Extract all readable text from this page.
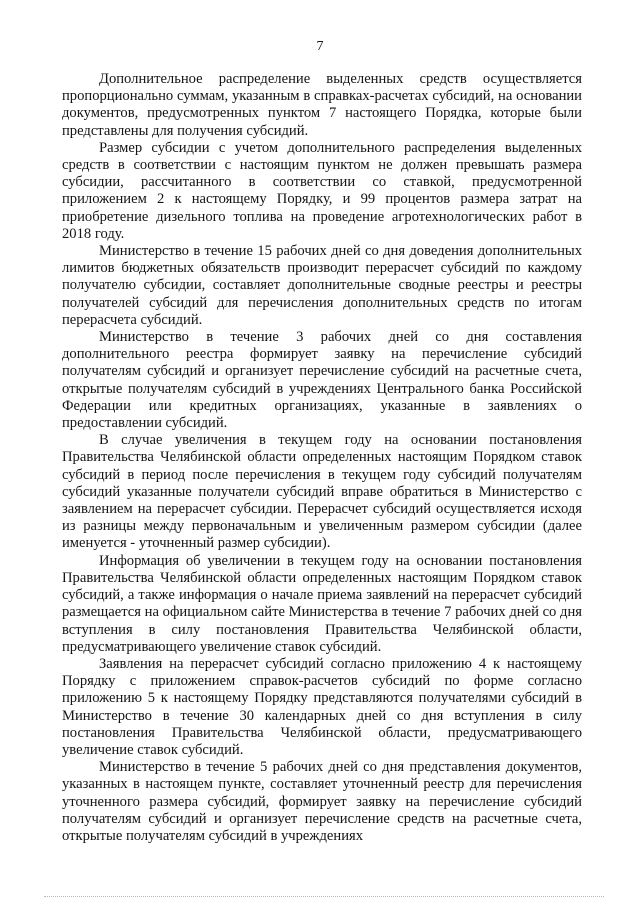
7

Дополнительное распределение выделенных средств осуществляется пропорционально суммам, указанным в справках-расчетах субсидий, на основании документов, предусмотренных пунктом 7 настоящего Порядка, которые были представлены для получения субсидий.

Размер субсидии с учетом дополнительного распределения выделенных средств в соответствии с настоящим пунктом не должен превышать размера субсидии, рассчитанного в соответствии со ставкой, предусмотренной приложением 2 к настоящему Порядку, и 99 процентов размера затрат на приобретение дизельного топлива на проведение агротехнологических работ в 2018 году.

Министерство в течение 15 рабочих дней со дня доведения дополнительных лимитов бюджетных обязательств производит перерасчет субсидий по каждому получателю субсидии, составляет дополнительные сводные реестры и реестры получателей субсидий для перечисления дополнительных средств по итогам перерасчета субсидий.

Министерство в течение 3 рабочих дней со дня составления дополнительного реестра формирует заявку на перечисление субсидий получателям субсидий и организует перечисление субсидий на расчетные счета, открытые получателям субсидий в учреждениях Центрального банка Российской Федерации или кредитных организациях, указанные в заявлениях о предоставлении субсидий.

В случае увеличения в текущем году на основании постановления Правительства Челябинской области определенных настоящим Порядком ставок субсидий в период после перечисления в текущем году субсидий получателям субсидий указанные получатели субсидий вправе обратиться в Министерство с заявлением на перерасчет субсидии. Перерасчет субсидий осуществляется исходя из разницы между первоначальным и увеличенным размером субсидии (далее именуется - уточненный размер субсидии).

Информация об увеличении в текущем году на основании постановления Правительства Челябинской области определенных настоящим Порядком ставок субсидий, а также информация о начале приема заявлений на перерасчет субсидий размещается на официальном сайте Министерства в течение 7 рабочих дней со дня вступления в силу постановления Правительства Челябинской области, предусматривающего увеличение ставок субсидий.

Заявления на перерасчет субсидий согласно приложению 4 к настоящему Порядку с приложением справок-расчетов субсидий по форме согласно приложению 5 к настоящему Порядку представляются получателями субсидий в Министерство в течение 30 календарных дней со дня вступления в силу постановления Правительства Челябинской области, предусматривающего увеличение ставок субсидий.

Министерство в течение 5 рабочих дней со дня представления документов, указанных в настоящем пункте, составляет уточненный реестр для перечисления уточненного размера субсидий, формирует заявку на перечисление субсидий получателям субсидий и организует перечисление средств на расчетные счета, открытые получателям субсидий в учреждениях
